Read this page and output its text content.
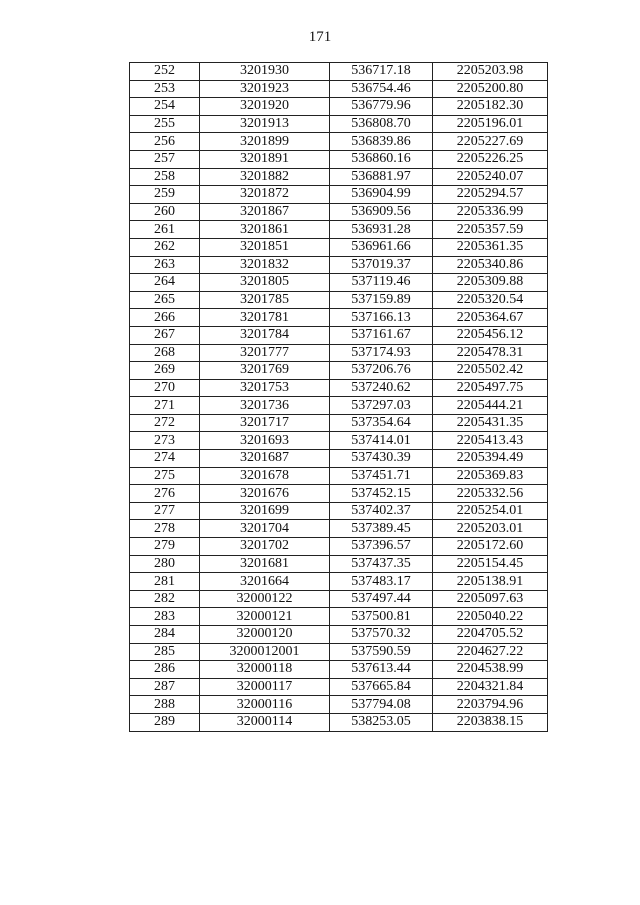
171
252	3201930	536717.18	2205203.98
253	3201923	536754.46	2205200.80
254	3201920	536779.96	2205182.30
255	3201913	536808.70	2205196.01
256	3201899	536839.86	2205227.69
257	3201891	536860.16	2205226.25
258	3201882	536881.97	2205240.07
259	3201872	536904.99	2205294.57
260	3201867	536909.56	2205336.99
261	3201861	536931.28	2205357.59
262	3201851	536961.66	2205361.35
263	3201832	537019.37	2205340.86
264	3201805	537119.46	2205309.88
265	3201785	537159.89	2205320.54
266	3201781	537166.13	2205364.67
267	3201784	537161.67	2205456.12
268	3201777	537174.93	2205478.31
269	3201769	537206.76	2205502.42
270	3201753	537240.62	2205497.75
271	3201736	537297.03	2205444.21
272	3201717	537354.64	2205431.35
273	3201693	537414.01	2205413.43
274	3201687	537430.39	2205394.49
275	3201678	537451.71	2205369.83
276	3201676	537452.15	2205332.56
277	3201699	537402.37	2205254.01
278	3201704	537389.45	2205203.01
279	3201702	537396.57	2205172.60
280	3201681	537437.35	2205154.45
281	3201664	537483.17	2205138.91
282	32000122	537497.44	2205097.63
283	32000121	537500.81	2205040.22
284	32000120	537570.32	2204705.52
285	3200012001	537590.59	2204627.22
286	32000118	537613.44	2204538.99
287	32000117	537665.84	2204321.84
288	32000116	537794.08	2203794.96
289	32000114	538253.05	2203838.15
